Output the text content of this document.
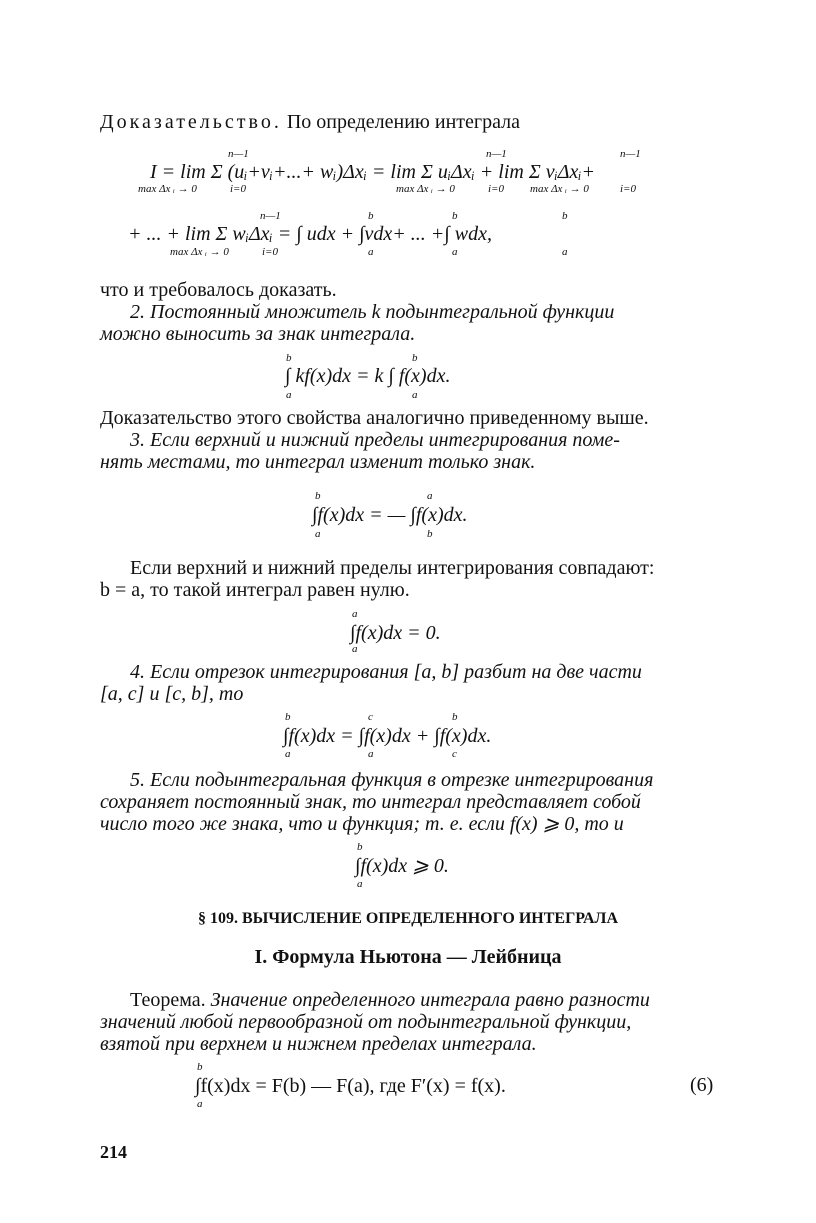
Доказательство. По определению интеграла
I = lim Σ (uᵢ+vᵢ+...+ wᵢ)Δxᵢ = lim Σ uᵢΔxᵢ + lim Σ vᵢΔxᵢ+
n—1
max Δx ᵢ → 0	i=0
n—1
max Δx ᵢ → 0	i=0
n—1
max Δx ᵢ → 0	i=0
+ ... + lim Σ wᵢΔxᵢ = ∫ udx + ∫vdx+ ... +∫ wdx,
n—1
max Δx ᵢ → 0	i=0
b
a
b
a
b
a
что и требовалось доказать.
2. Постоянный множитель k подынтегральной функции
можно выносить за знак интеграла.
∫ kf(x)dx = k ∫ f(x)dx.
b
a
b
a
Доказательство этого свойства аналогично приведенному выше.
3. Если верхний и нижний пределы интегрирования поме-
нять местами, то интеграл изменит только знак.
∫f(x)dx = — ∫f(x)dx.
b
a
a
b
Если верхний и нижний пределы интегрирования совпадают:
b = a, то такой интеграл равен нулю.
∫f(x)dx = 0.
a
a
4. Если отрезок интегрирования [a, b] разбит на две части
[a, c] и [c, b], то
∫f(x)dx = ∫f(x)dx + ∫f(x)dx.
b
a
c
a
b
c
5. Если подынтегральная функция в отрезке интегрирования
сохраняет постоянный знак, то интеграл представляет собой
число того же знака, что и функция; т. е. если f(x) ⩾ 0, то и
∫f(x)dx ⩾ 0.
b
a
§ 109. ВЫЧИСЛЕНИЕ ОПРЕДЕЛЕННОГО ИНТЕГРАЛА
I. Формула Ньютона — Лейбница
Теорема. Значение определенного интеграла равно разности
значений любой первообразной от подынтегральной функции,
взятой при верхнем и нижнем пределах интеграла.
∫f(x)dx = F(b) — F(a), где F′(x) = f(x).
b
a
(6)
214
